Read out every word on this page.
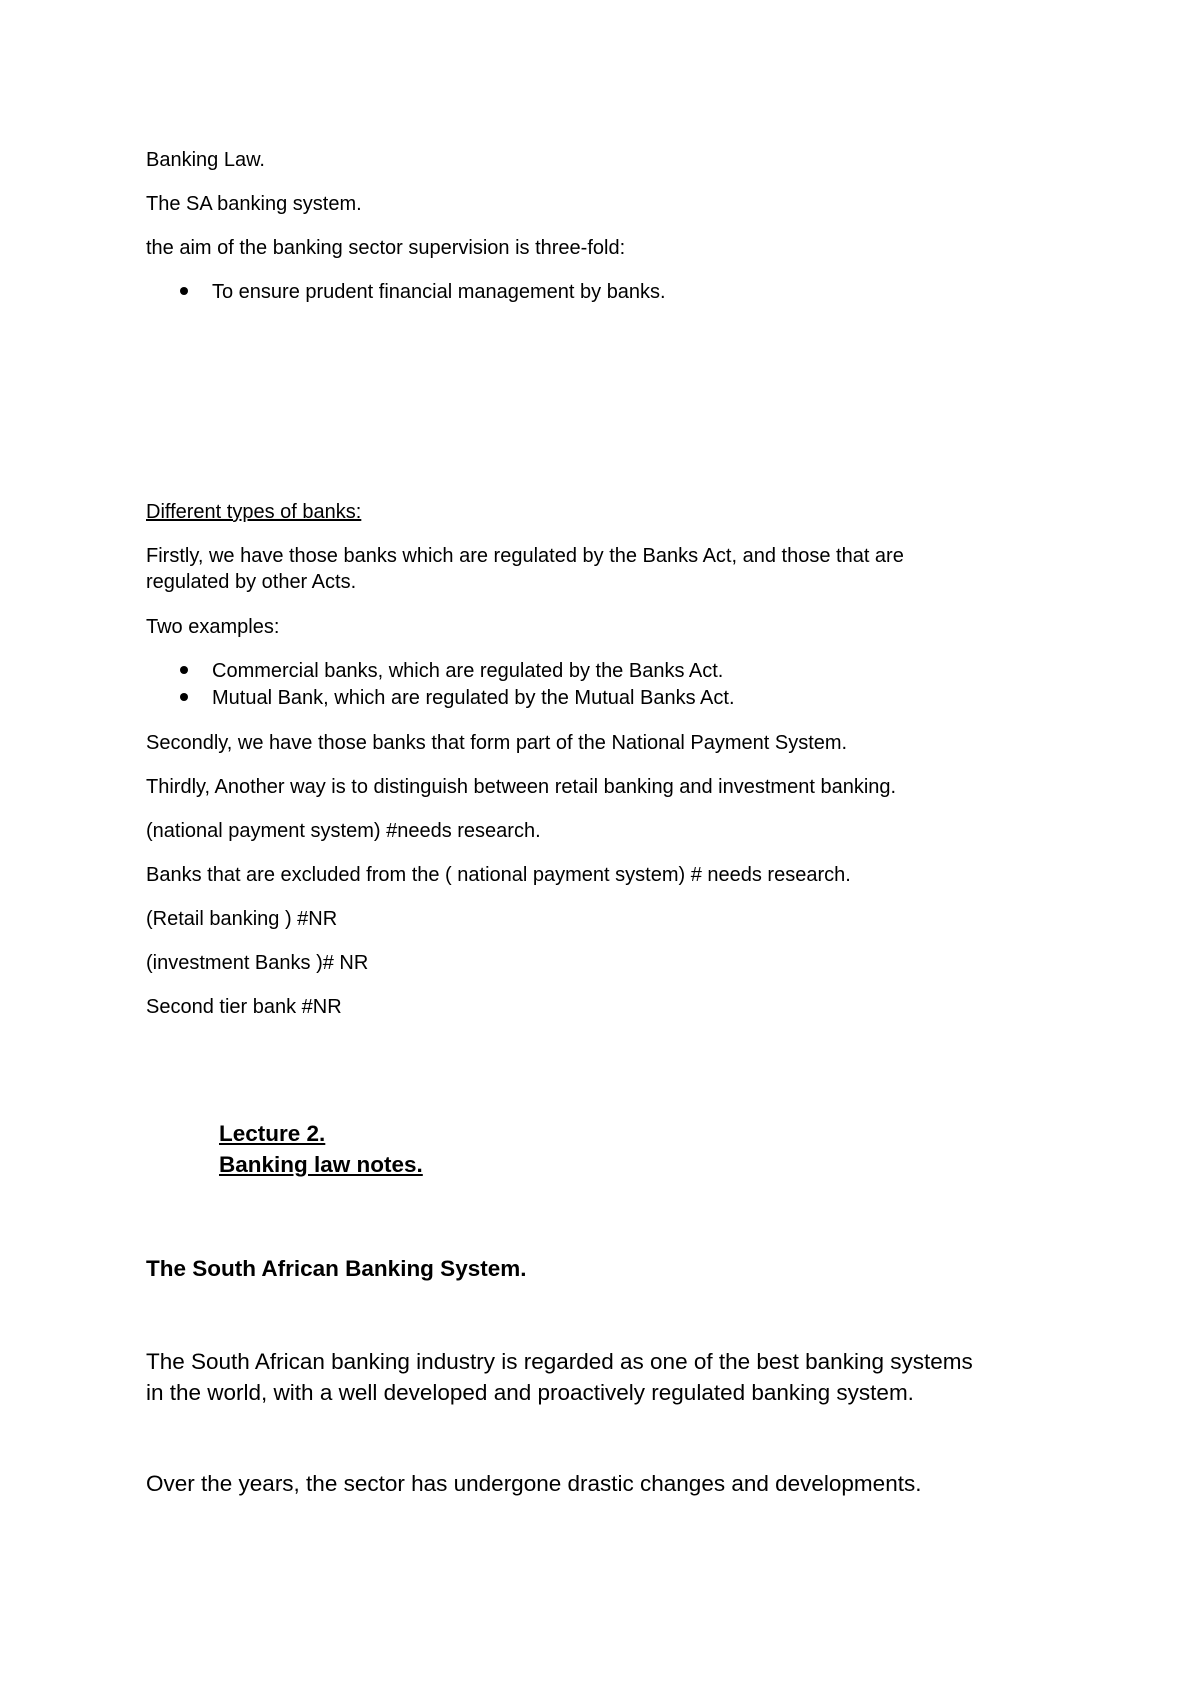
Banking Law.
The SA banking system.
the aim of the banking sector supervision is three-fold:
To ensure prudent financial management by banks.
Different types of banks:
Firstly, we have those banks which are regulated by the Banks Act, and those that are
regulated by other Acts.
Two examples:
Commercial banks, which are regulated by the Banks Act.
Mutual Bank, which are regulated by the Mutual Banks Act.
Secondly, we have those banks that form part of the National Payment System.
Thirdly, Another way is to distinguish between retail banking and investment banking.
(national payment system) #needs research.
Banks that are excluded from the ( national payment system) # needs research.
(Retail banking ) #NR
(investment Banks )# NR
Second tier bank #NR
Lecture 2.
Banking law notes.
The South African Banking System.
The South African banking industry is regarded as one of the best banking systems
in the world, with a well developed and proactively regulated banking system.
Over the years, the sector has undergone drastic changes and developments.
